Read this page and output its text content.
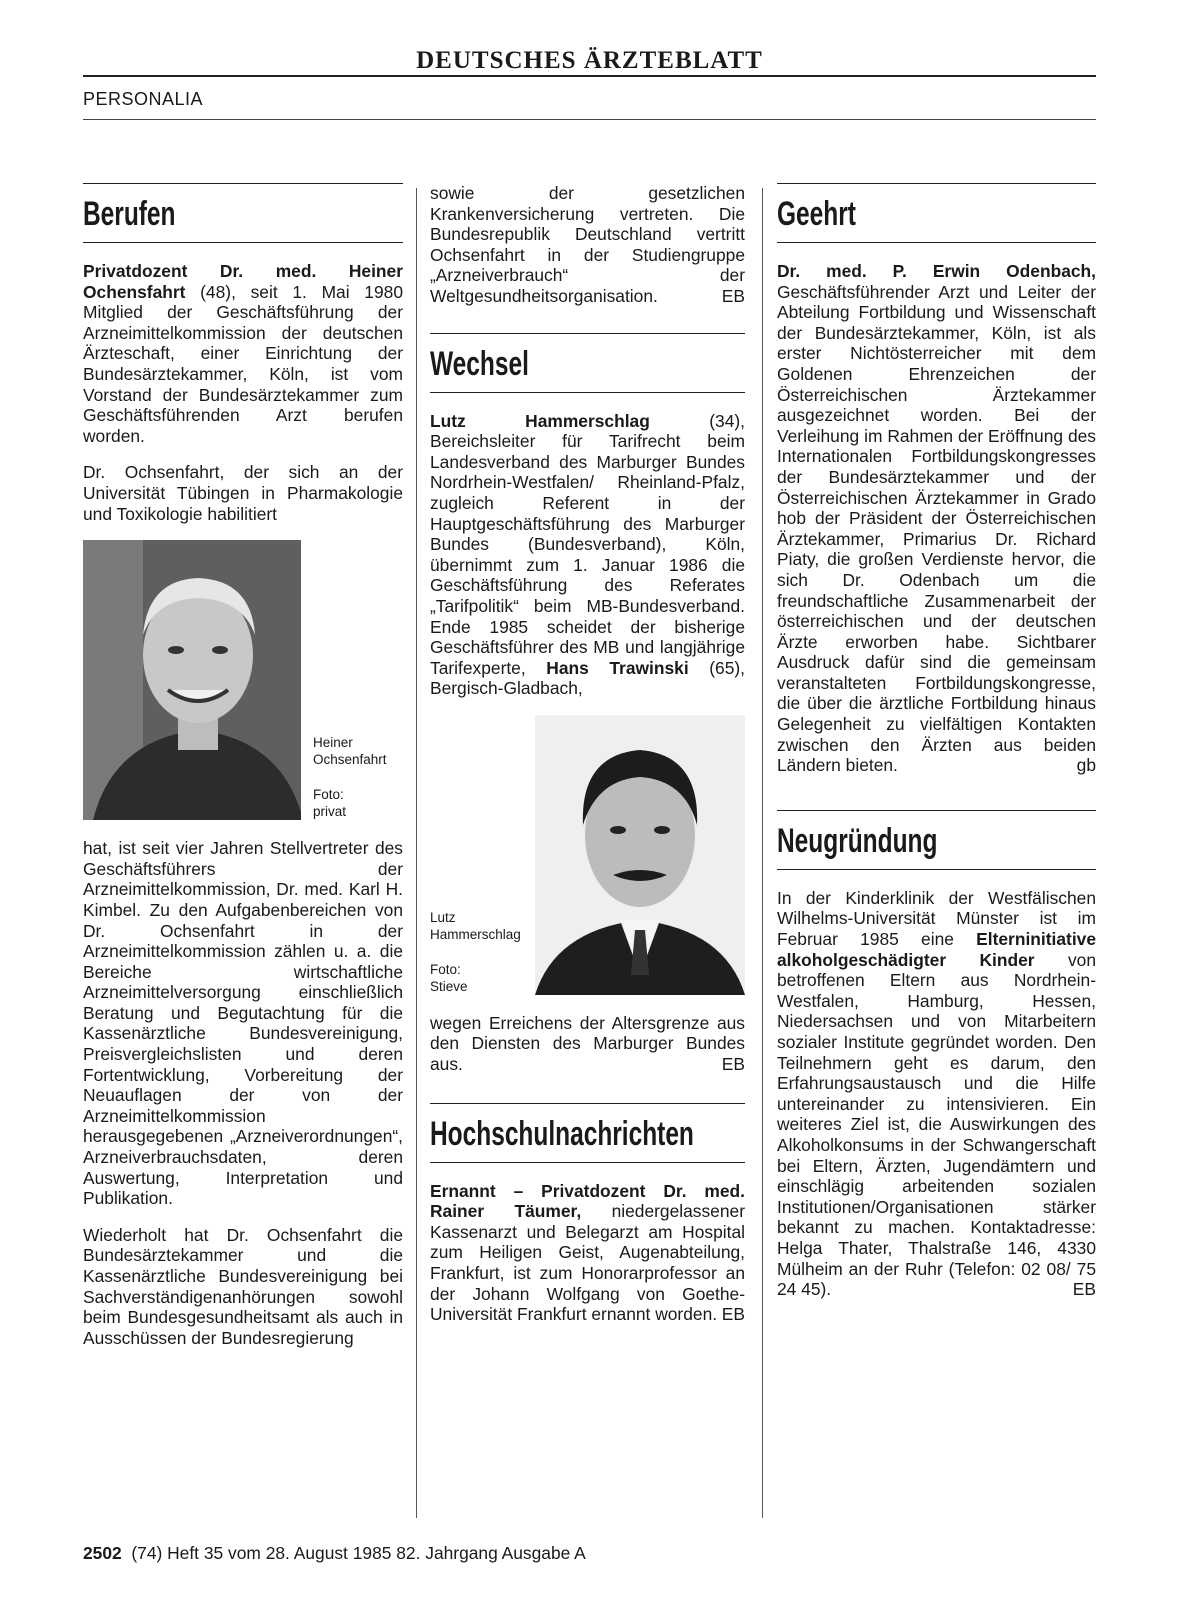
DEUTSCHES ÄRZTEBLATT
PERSONALIA
Berufen

Privatdozent Dr. med. Heiner Ochensfahrt (48), seit 1. Mai 1980 Mitglied der Geschäftsführung der Arzneimittelkommission der deutschen Ärzteschaft, einer Einrichtung der Bundesärztekammer, Köln, ist vom Vorstand der Bundesärztekammer zum Geschäftsführenden Arzt berufen worden.

Dr. Ochsenfahrt, der sich an der Universität Tübingen in Pharmakologie und Toxikologie habilitiert

Heiner Ochsenfahrt
Foto: privat

hat, ist seit vier Jahren Stellvertreter des Geschäftsführers der Arzneimittelkommission, Dr. med. Karl H. Kimbel. Zu den Aufgabenbereichen von Dr. Ochsenfahrt in der Arzneimittelkommission zählen u. a. die Bereiche wirtschaftliche Arzneimittelversorgung einschließlich Beratung und Begutachtung für die Kassenärztliche Bundesvereinigung, Preisvergleichslisten und deren Fortentwicklung, Vorbereitung der Neuauflagen der von der Arzneimittelkommission herausgegebenen „Arzneiverordnungen“, Arzneiverbrauchsdaten, deren Auswertung, Interpretation und Publikation.

Wiederholt hat Dr. Ochsenfahrt die Bundesärztekammer und die Kassenärztliche Bundesvereinigung bei Sachverständigenanhörungen sowohl beim Bundesgesundheitsamt als auch in Ausschüssen der Bundesregierung

sowie der gesetzlichen Krankenversicherung vertreten. Die Bundesrepublik Deutschland vertritt Ochsenfahrt in der Studiengruppe „Arzneiverbrauch“ der Weltgesundheitsorganisation.	EB

Wechsel

Lutz Hammerschlag (34), Bereichsleiter für Tarifrecht beim Landesverband des Marburger Bundes Nordrhein-Westfalen/ Rheinland-Pfalz, zugleich Referent in der Hauptgeschäftsführung des Marburger Bundes (Bundesverband), Köln, übernimmt zum 1. Januar 1986 die Geschäftsführung des Referates „Tarifpolitik“ beim MB-Bundesverband. Ende 1985 scheidet der bisherige Geschäftsführer des MB und langjährige Tarifexperte, Hans Trawinski (65), Bergisch-Gladbach,

Lutz Hammerschlag
Foto: Stieve

wegen Erreichens der Altersgrenze aus den Diensten des Marburger Bundes aus.	EB

Hochschulnachrichten

Ernannt – Privatdozent Dr. med. Rainer Täumer, niedergelassener Kassenarzt und Belegarzt am Hospital zum Heiligen Geist, Augenabteilung, Frankfurt, ist zum Honorarprofessor an der Johann Wolfgang von Goethe-Universität Frankfurt ernannt worden. EB

Geehrt

Dr. med. P. Erwin Odenbach, Geschäftsführender Arzt und Leiter der Abteilung Fortbildung und Wissenschaft der Bundesärztekammer, Köln, ist als erster Nichtösterreicher mit dem Goldenen Ehrenzeichen der Österreichischen Ärztekammer ausgezeichnet worden. Bei der Verleihung im Rahmen der Eröffnung des Internationalen Fortbildungskongresses der Bundesärztekammer und der Österreichischen Ärztekammer in Grado hob der Präsident der Österreichischen Ärztekammer, Primarius Dr. Richard Piaty, die großen Verdienste hervor, die sich Dr. Odenbach um die freundschaftliche Zusammenarbeit der österreichischen und der deutschen Ärzte erworben habe. Sichtbarer Ausdruck dafür sind die gemeinsam veranstalteten Fortbildungskongresse, die über die ärztliche Fortbildung hinaus Gelegenheit zu vielfältigen Kontakten zwischen den Ärzten aus beiden Ländern bieten.	gb

Neugründung

In der Kinderklinik der Westfälischen Wilhelms-Universität Münster ist im Februar 1985 eine Elterninitiative alkoholgeschädigter Kinder von betroffenen Eltern aus Nordrhein-Westfalen, Hamburg, Hessen, Niedersachsen und von Mitarbeitern sozialer Institute gegründet worden. Den Teilnehmern geht es darum, den Erfahrungsaustausch und die Hilfe untereinander zu intensivieren. Ein weiteres Ziel ist, die Auswirkungen des Alkoholkonsums in der Schwangerschaft bei Eltern, Ärzten, Jugendämtern und einschlägig arbeitenden sozialen Institutionen/Organisationen stärker bekannt zu machen. Kontaktadresse: Helga Thater, Thalstraße 146, 4330 Mülheim an der Ruhr (Telefon: 02 08/ 75 24 45).	EB

2502 (74) Heft 35 vom 28. August 1985 82. Jahrgang Ausgabe A
